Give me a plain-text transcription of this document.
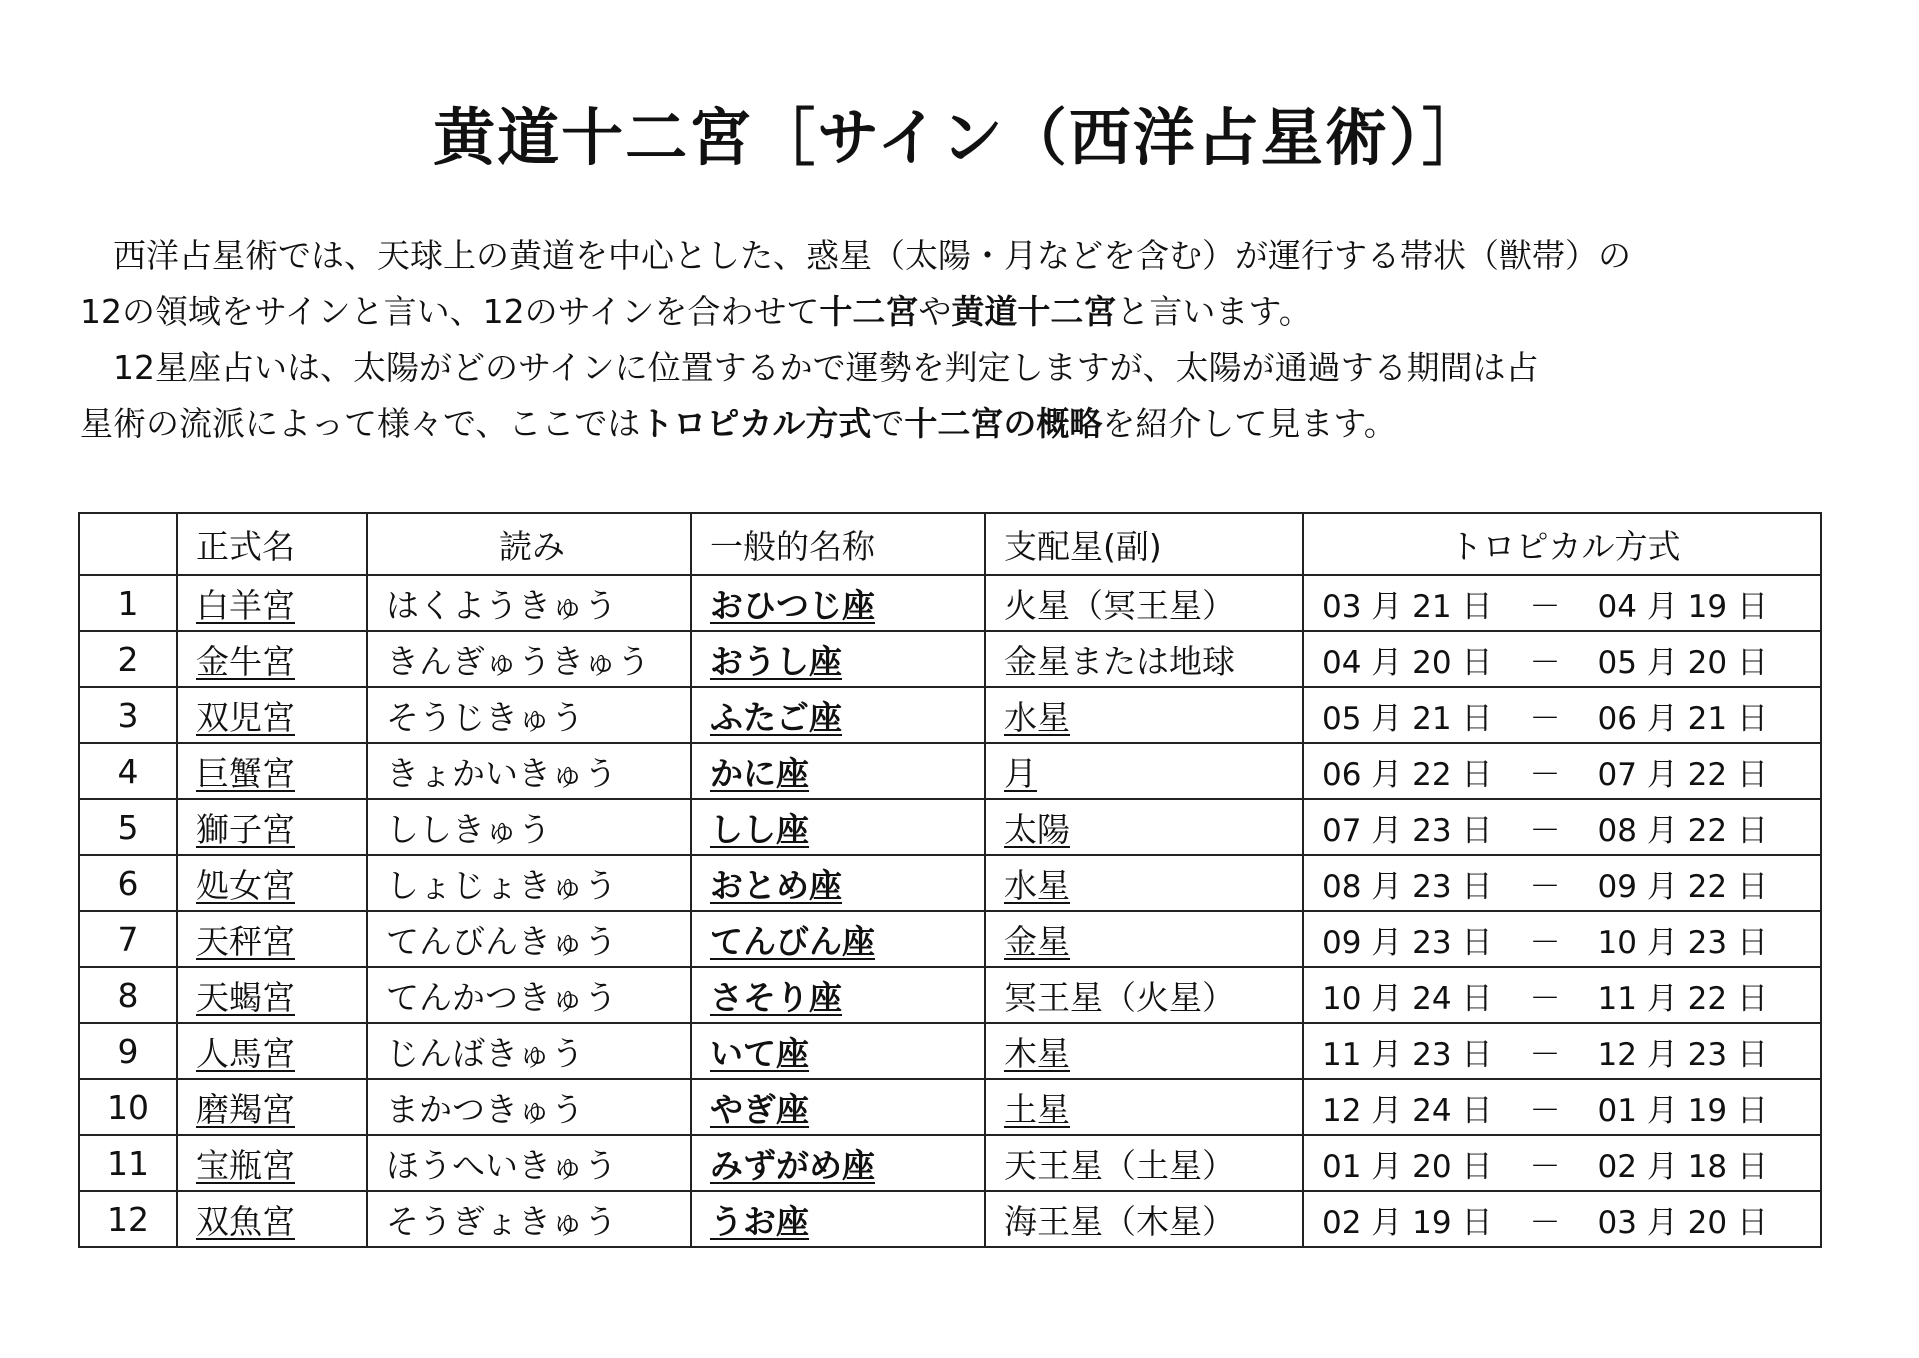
黄道十二宮［サイン（西洋占星術）］

西洋占星術では、天球上の黄道を中心とした、惑星（太陽・月などを含む）が運行する帯状（獣帯）の

12の領域をサインと言い、12のサインを合わせて十二宮や黄道十二宮と言います。

12星座占いは、太陽がどのサインに位置するかで運勢を判定しますが、太陽が通過する期間は占

星術の流派によって様々で、ここではトロピカル方式で十二宮の概略を紹介して見ます。

	正式名	読み	一般的名称	支配星(副)	トロピカル方式
1	白羊宮	はくようきゅう	おひつじ座	火星（冥王星）	03 月 21 日 － 04 月 19 日

2	金牛宮	きんぎゅうきゅう	おうし座	金星または地球	04 月 20 日 － 05 月 20 日

3	双児宮	そうじきゅう	ふたご座	水星	05 月 21 日 － 06 月 21 日

4	巨蟹宮	きょかいきゅう	かに座	月	06 月 22 日 － 07 月 22 日

5	獅子宮	ししきゅう	しし座	太陽	07 月 23 日 － 08 月 22 日

6	処女宮	しょじょきゅう	おとめ座	水星	08 月 23 日 － 09 月 22 日

7	天秤宮	てんびんきゅう	てんびん座	金星	09 月 23 日 － 10 月 23 日

8	天蝎宮	てんかつきゅう	さそり座	冥王星（火星）	10 月 24 日 － 11 月 22 日

9	人馬宮	じんばきゅう	いて座	木星	11 月 23 日 － 12 月 23 日

10	磨羯宮	まかつきゅう	やぎ座	土星	12 月 24 日 － 01 月 19 日

11	宝瓶宮	ほうへいきゅう	みずがめ座	天王星（土星）	01 月 20 日 － 02 月 18 日

12	双魚宮	そうぎょきゅう	うお座	海王星（木星）	02 月 19 日 － 03 月 20 日
